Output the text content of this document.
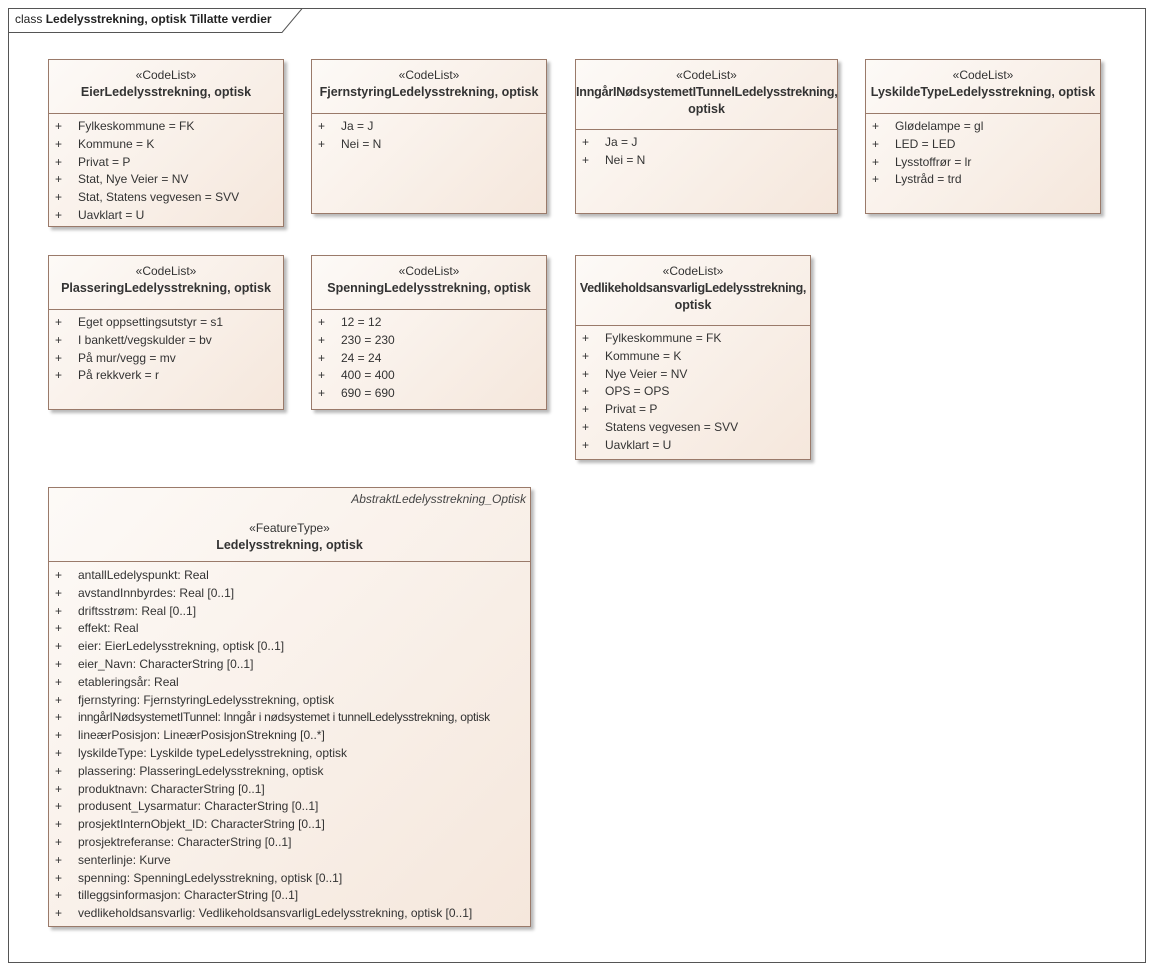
class Ledelysstrekning, optisk Tillatte verdier
«CodeList»
EierLedelysstrekning, optisk
+ Fylkeskommune = FK
+ Kommune = K
+ Privat = P
+ Stat, Nye Veier = NV
+ Stat, Statens vegvesen = SVV
+ Uavklart = U
«CodeList»
FjernstyringLedelysstrekning, optisk
+ Ja = J
+ Nei = N
«CodeList»
InngårINødsystemetITunnelLedelysstrekning,
optisk
+ Ja = J
+ Nei = N
«CodeList»
LyskildeTypeLedelysstrekning, optisk
+ Glødelampe = gl
+ LED = LED
+ Lysstoffrør = lr
+ Lystråd = trd
«CodeList»
PlasseringLedelysstrekning, optisk
+ Eget oppsettingsutstyr = s1
+ I bankett/vegskulder = bv
+ På mur/vegg = mv
+ På rekkverk = r
«CodeList»
SpenningLedelysstrekning, optisk
+ 12 = 12
+ 230 = 230
+ 24 = 24
+ 400 = 400
+ 690 = 690
«CodeList»
VedlikeholdsansvarligLedelysstrekning,
optisk
+ Fylkeskommune = FK
+ Kommune = K
+ Nye Veier = NV
+ OPS = OPS
+ Privat = P
+ Statens vegvesen = SVV
+ Uavklart = U
AbstraktLedelysstrekning_Optisk
«FeatureType»
Ledelysstrekning, optisk
+ antallLedelyspunkt: Real
+ avstandInnbyrdes: Real [0..1]
+ driftsstrøm: Real [0..1]
+ effekt: Real
+ eier: EierLedelysstrekning, optisk [0..1]
+ eier_Navn: CharacterString [0..1]
+ etableringsår: Real
+ fjernstyring: FjernstyringLedelysstrekning, optisk
+ inngårINødsystemetITunnel: Inngår i nødsystemet i tunnelLedelysstrekning, optisk
+ lineærPosisjon: LineærPosisjonStrekning [0..*]
+ lyskildeType: Lyskilde typeLedelysstrekning, optisk
+ plassering: PlasseringLedelysstrekning, optisk
+ produktnavn: CharacterString [0..1]
+ produsent_Lysarmatur: CharacterString [0..1]
+ prosjektInternObjekt_ID: CharacterString [0..1]
+ prosjektreferanse: CharacterString [0..1]
+ senterlinje: Kurve
+ spenning: SpenningLedelysstrekning, optisk [0..1]
+ tilleggsinformasjon: CharacterString [0..1]
+ vedlikeholdsansvarlig: VedlikeholdsansvarligLedelysstrekning, optisk [0..1]
